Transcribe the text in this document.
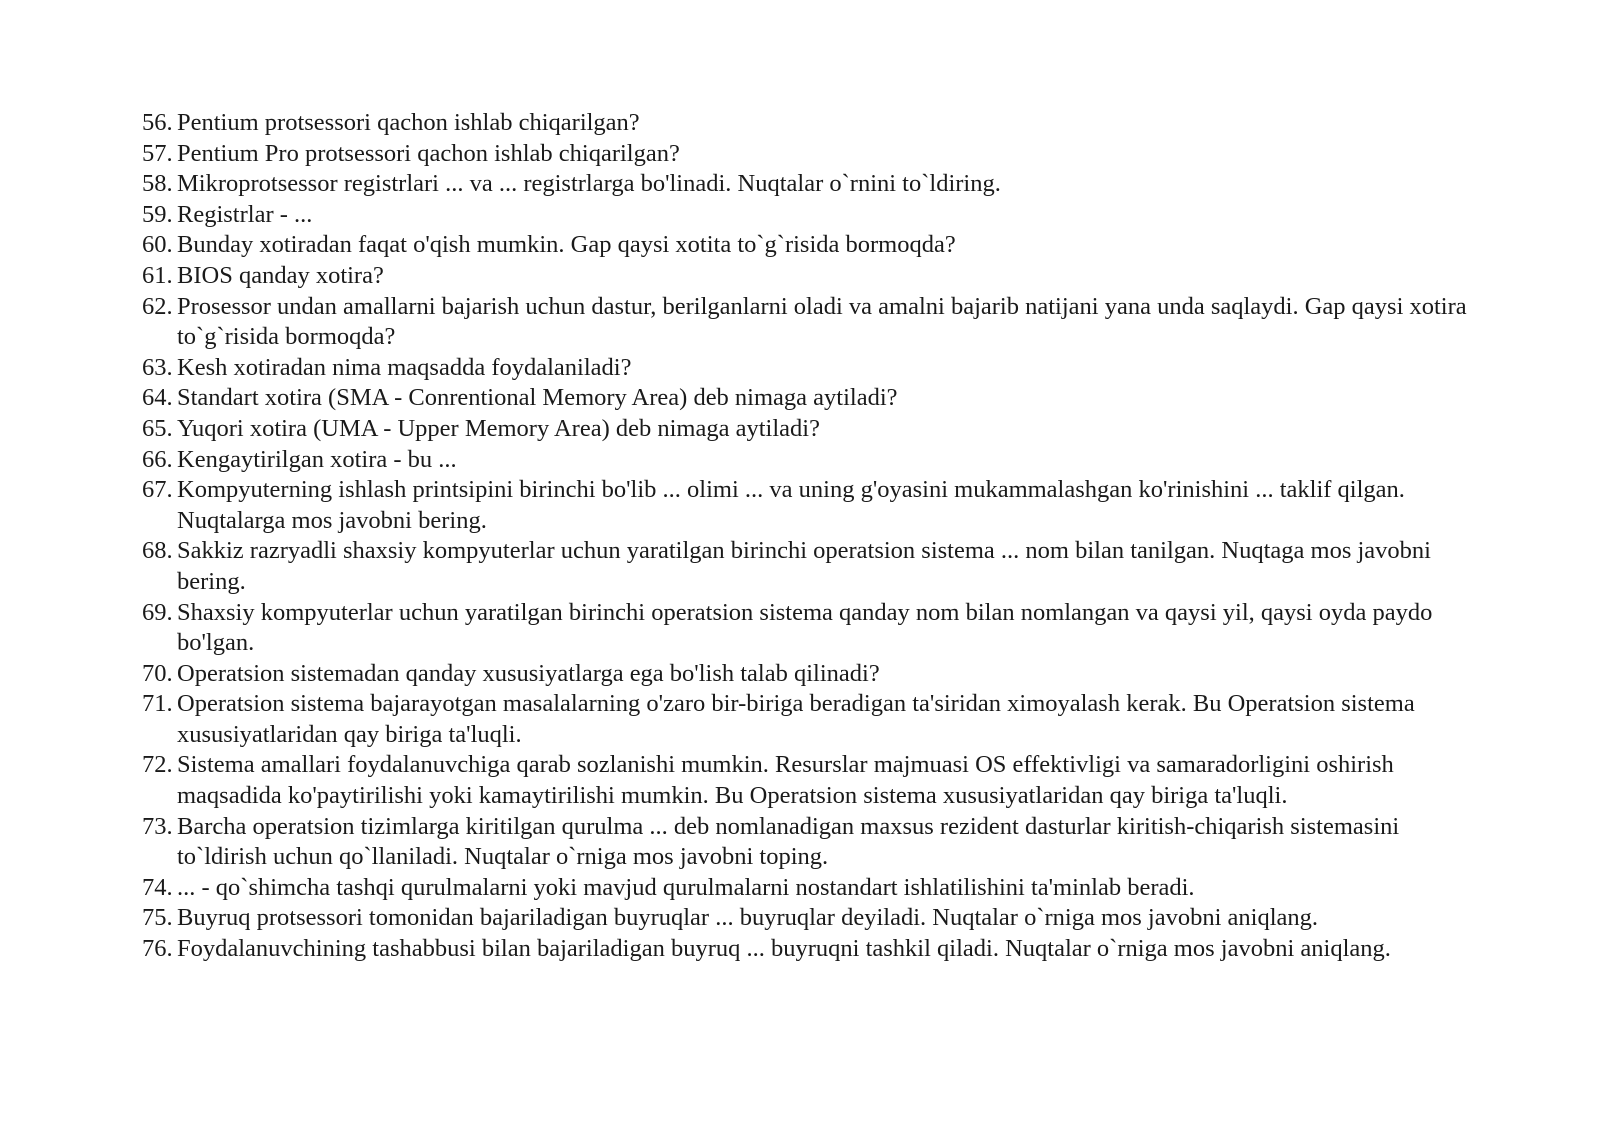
56. Pentium protsessori qachon ishlab chiqarilgan?
57. Pentium Pro protsessori qachon ishlab chiqarilgan?
58. Mikroprotsessor registrlari ... va ... registrlarga bo'linadi. Nuqtalar o`rnini to`ldiring.
59. Registrlar - ...
60. Bunday xotiradan faqat o'qish mumkin. Gap qaysi xotita to`g`risida bormoqda?
61. BIOS qanday xotira?
62. Prosessor undan amallarni bajarish uchun dastur, berilganlarni oladi va amalni bajarib natijani yana unda saqlaydi. Gap qaysi xotira to`g`risida bormoqda?
63. Kesh xotiradan nima maqsadda foydalaniladi?
64. Standart xotira (SMA - Conrentional Memory Area) deb nimaga aytiladi?
65. Yuqori xotira (UMA - Upper Memory Area) deb nimaga aytiladi?
66. Kengaytirilgan xotira - bu ...
67. Kompyuterning ishlash printsipini birinchi bo'lib ... olimi ... va uning g'oyasini mukammalashgan ko'rinishini ... taklif qilgan. Nuqtalarga mos javobni bering.
68. Sakkiz razryadli shaxsiy kompyuterlar uchun yaratilgan birinchi operatsion sistema ... nom bilan tanilgan. Nuqtaga mos javobni bering.
69. Shaxsiy kompyuterlar uchun yaratilgan birinchi operatsion sistema qanday nom bilan nomlangan va qaysi yil, qaysi oyda paydo bo'lgan.
70. Operatsion sistemadan qanday xususiyatlarga ega bo'lish talab qilinadi?
71. Operatsion sistema bajarayotgan masalalarning o'zaro bir-biriga beradigan ta'siridan ximoyalash kerak. Bu Operatsion sistema xususiyatlaridan qay biriga ta'luqli.
72. Sistema amallari foydalanuvchiga qarab sozlanishi mumkin. Resurslar majmuasi OS effektivligi va samaradorligini oshirish maqsadida ko'paytirilishi yoki kamaytirilishi mumkin. Bu Operatsion sistema xususiyatlaridan qay biriga ta'luqli.
73. Barcha operatsion tizimlarga kiritilgan qurulma ... deb nomlanadigan maxsus rezident dasturlar kiritish-chiqarish sistemasini to`ldirish uchun qo`llaniladi. Nuqtalar o`rniga mos javobni toping.
74. ... - qo`shimcha tashqi qurulmalarni yoki mavjud qurulmalarni nostandart ishlatilishini ta'minlab beradi.
75. Buyruq protsessori tomonidan bajariladigan buyruqlar ... buyruqlar deyiladi. Nuqtalar o`rniga mos javobni aniqlang.
76. Foydalanuvchining tashabbusi bilan bajariladigan buyruq ... buyruqni tashkil qiladi. Nuqtalar o`rniga mos javobni aniqlang.
